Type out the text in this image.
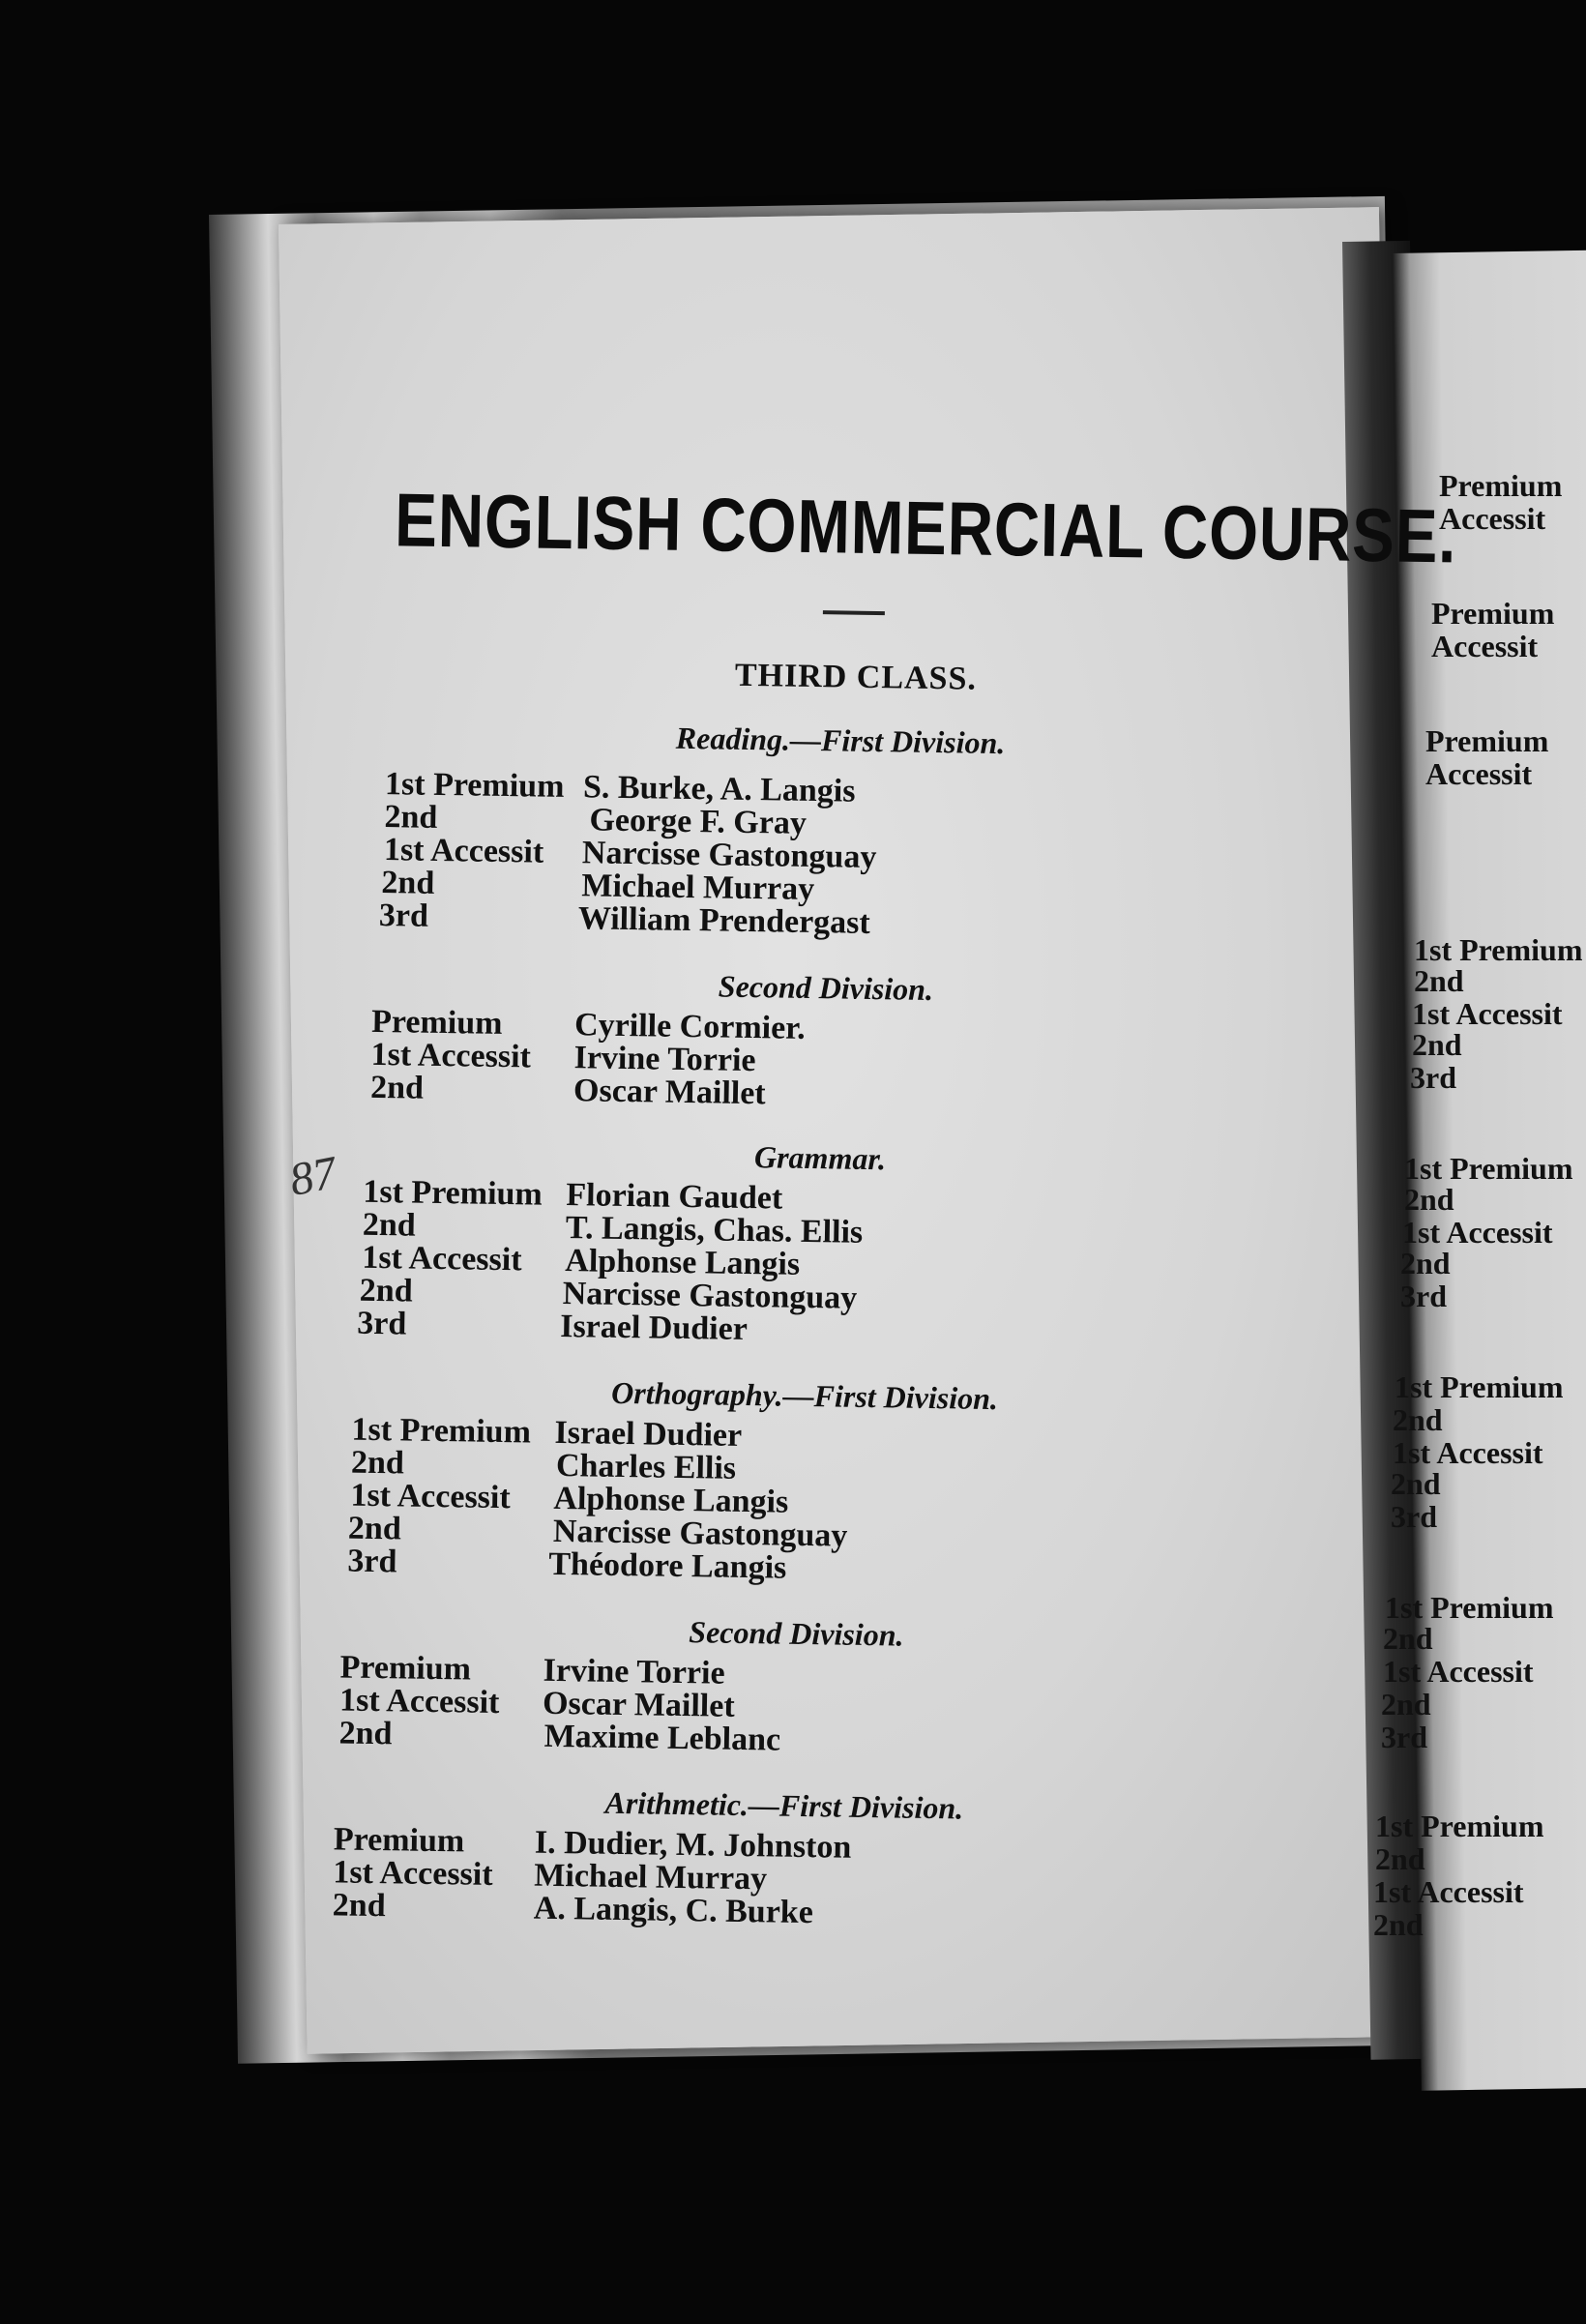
ENGLISH COMMERCIAL COURSE.
THIRD CLASS.
87
Reading.—First Division.
1st Premium S. Burke, A. Langis
2nd	George F. Gray
1st Accessit Narcisse Gastonguay
2nd	Michael Murray
3rd	William Prendergast
Second Division.
Premium Cyrille Cormier.
1st Accessit Irvine Torrie
2nd	Oscar Maillet
Grammar.
1st Premium Florian Gaudet
2nd	T. Langis, Chas. Ellis
1st Accessit Alphonse Langis
2nd	Narcisse Gastonguay
3rd	Israel Dudier
Orthography.—First Division.
1st Premium Israel Dudier
2nd	Charles Ellis
1st Accessit Alphonse Langis
2nd	Narcisse Gastonguay
3rd	Théodore Langis
Second Division.
Premium Irvine Torrie
1st Accessit Oscar Maillet
2nd	Maxime Leblanc
Arithmetic.—First Division.
Premium I. Dudier, M. Johnston
1st Accessit Michael Murray
2nd	A. Langis, C. Burke
Premium
Accessit
Premium
Accessit
Premium
Accessit
1st Premium
2nd
1st Accessit
2nd
3rd
1st Premium
2nd
1st Accessit
2nd
3rd
1st Premium
2nd
1st Accessit
2nd
3rd
1st Premium
2nd
1st Accessit
2nd
3rd
1st Premium
2nd
1st Accessit
2nd
